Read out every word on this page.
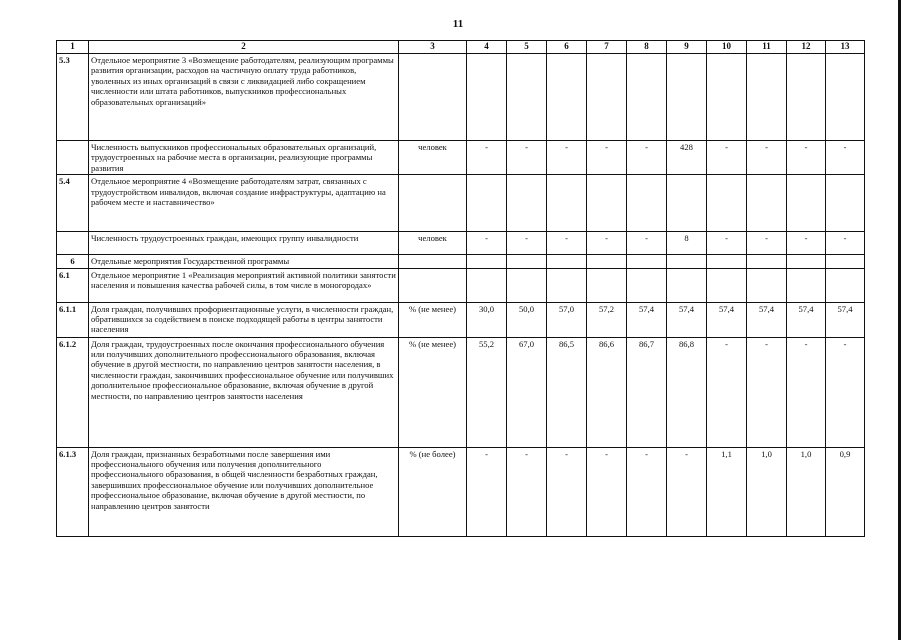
11
1	2	3	4	5	6	7	8	9	10	11	12	13
5.3	Отдельное мероприятие 3 «Возмещение работодателям, реализующим программы развития организации, расходов на частичную оплату труда работников, уволенных из иных организаций в связи с ликвидацией либо сокращением численности или штата работников, выпускников профессиональных образовательных организаций»											
	Численность выпускников профессиональных образовательных организаций, трудоустроенных на рабочие места в организации, реализующие программы развития	человек	-	-	-	-	-	428	-	-	-	-
5.4	Отдельное мероприятие 4 «Возмещение работодателям затрат, связанных с трудоустройством инвалидов, включая создание инфраструктуры, адаптацию на рабочем месте и наставничество»											
	Численность трудоустроенных граждан, имеющих группу инвалидности	человек	-	-	-	-	-	8	-	-	-	-
6	Отдельные мероприятия Государственной программы											
6.1	Отдельное мероприятие 1 «Реализация мероприятий активной политики занятости населения и повышения качества рабочей силы, в том числе в моногородах»											
6.1.1	Доля граждан, получивших профориентационные услуги, в численности граждан, обратившихся за содействием в поиске подходящей работы в центры занятости населения	% (не менее)	30,0	50,0	57,0	57,2	57,4	57,4	57,4	57,4	57,4	57,4
6.1.2	Доля граждан, трудоустроенных после окончания профессионального обучения или получивших дополнительного профессионального образования, включая обучение в другой местности, по направлению центров занятости населения, в численности граждан, закончивших профессиональное обучение или получивших дополнительное профессиональное образование, включая обучение в другой местности, по направлению центров занятости населения	% (не менее)	55,2	67,0	86,5	86,6	86,7	86,8	-	-	-	-
6.1.3	Доля граждан, признанных безработными после завершения ими профессионального обучения или получения дополнительного профессионального образования, в общей численности безработных граждан, завершивших профессиональное обучение или получивших дополнительное профессиональное образование, включая обучение в другой местности, по направлению центров занятости	% (не более)	-	-	-	-	-	-	1,1	1,0	1,0	0,9
